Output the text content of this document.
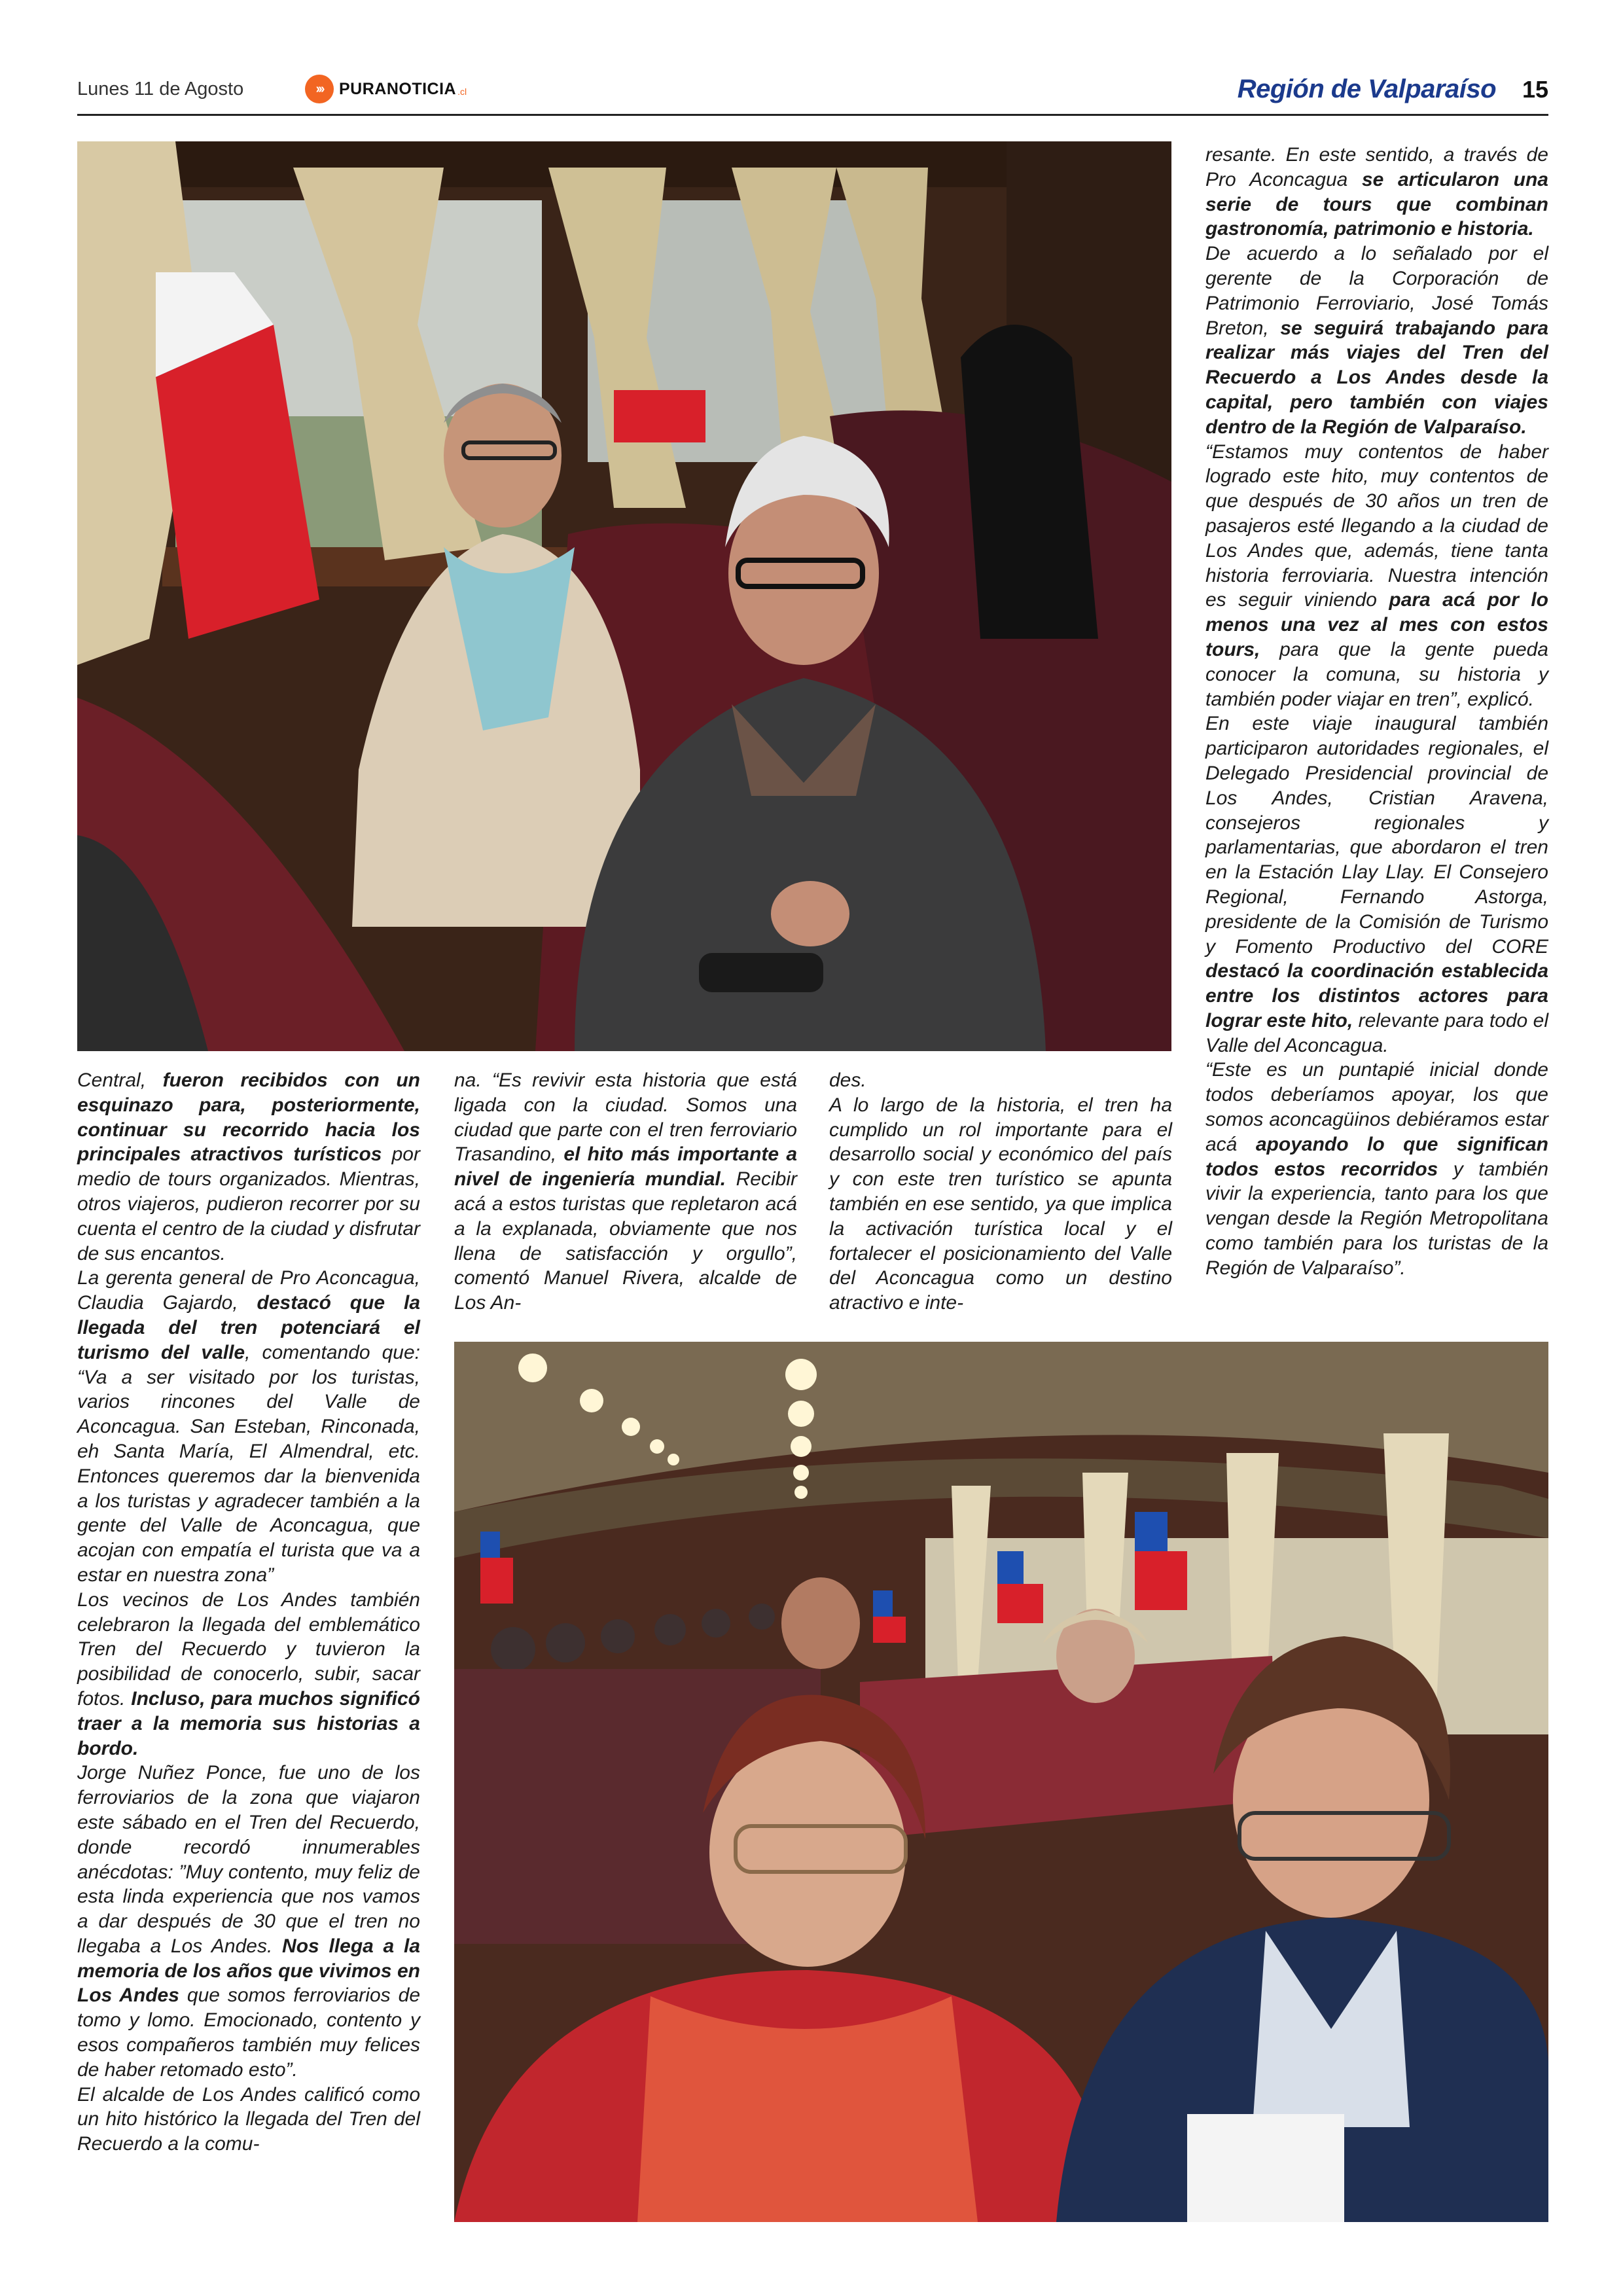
Lunes 11 de Agosto	››› PURANOTICIA .cl	Región de Valparaíso 15

Central, fueron recibidos con un esquinazo para, posteriormente, continuar su recorrido hacia los principales atractivos turísticos por medio de tours organizados. Mientras, otros viajeros, pudieron recorrer por su cuenta el centro de la ciudad y disfrutar de sus encantos.

La gerenta general de Pro Aconcagua, Claudia Gajardo, destacó que la llegada del tren potenciará el turismo del valle, comentando que: “Va a ser visitado por los turistas, varios rincones del Valle de Aconcagua. San Esteban, Rinconada, eh Santa María, El Almendral, etc. Entonces queremos dar la bienvenida a los turistas y agradecer también a la gente del Valle de Aconcagua, que acojan con empatía el turista que va a estar en nuestra zona”

Los vecinos de Los Andes también celebraron la llegada del emblemático Tren del Recuerdo y tuvieron la posibilidad de conocerlo, subir, sacar fotos. Incluso, para muchos significó traer a la memoria sus historias a bordo.

Jorge Nuñez Ponce, fue uno de los ferroviarios de la zona que viajaron este sábado en el Tren del Recuerdo, donde recordó innumerables anécdotas: ”Muy contento, muy feliz de esta linda experiencia que nos vamos a dar después de 30 que el tren no llegaba a Los Andes. Nos llega a la memoria de los años que vivimos en Los Andes que somos ferroviarios de tomo y lomo. Emocionado, contento y esos compañeros también muy felices de haber retomado esto”.

El alcalde de Los Andes calificó como un hito histórico la llegada del Tren del Recuerdo a la comu-

na. “Es revivir esta historia que está ligada con la ciudad. Somos una ciudad que parte con el tren ferroviario Trasandino, el hito más importante a nivel de ingeniería mundial. Recibir acá a estos turistas que repletaron acá a la explanada, obviamente que nos llena de satisfacción y orgullo”, comentó Manuel Rivera, alcalde de Los An-

des.

A lo largo de la historia, el tren ha cumplido un rol importante para el desarrollo social y económico del país y con este tren turístico se apunta también en ese sentido, ya que implica la activación turística local y el fortalecer el posicionamiento del Valle del Aconcagua como un destino atractivo e inte-

resante. En este sentido, a través de Pro Aconcagua se articularon una serie de tours que combinan gastronomía, patrimonio e historia.

De acuerdo a lo señalado por el gerente de la Corporación de Patrimonio Ferroviario, José Tomás Breton, se seguirá trabajando para realizar más viajes del Tren del Recuerdo a Los Andes desde la capital, pero también con viajes dentro de la Región de Valparaíso.

“Estamos muy contentos de haber logrado este hito, muy contentos de que después de 30 años un tren de pasajeros esté llegando a la ciudad de Los Andes que, además, tiene tanta historia ferroviaria. Nuestra intención es seguir viniendo para acá por lo menos una vez al mes con estos tours, para que la gente pueda conocer la comuna, su historia y también poder viajar en tren”, explicó.

En este viaje inaugural también participaron autoridades regionales, el Delegado Presidencial provincial de Los Andes, Cristian Aravena, consejeros regionales y parlamentarias, que abordaron el tren en la Estación Llay Llay. El Consejero Regional, Fernando Astorga, presidente de la Comisión de Turismo y Fomento Productivo del CORE destacó la coordinación establecida entre los distintos actores para lograr este hito, relevante para todo el Valle del Aconcagua.

“Este es un puntapié inicial donde todos deberíamos apoyar, los que somos aconcagüinos debiéramos estar acá apoyando lo que significan todos estos recorridos y también vivir la experiencia, tanto para los que vengan desde la Región Metropolitana como también para los turistas de la Región de Valparaíso”.
